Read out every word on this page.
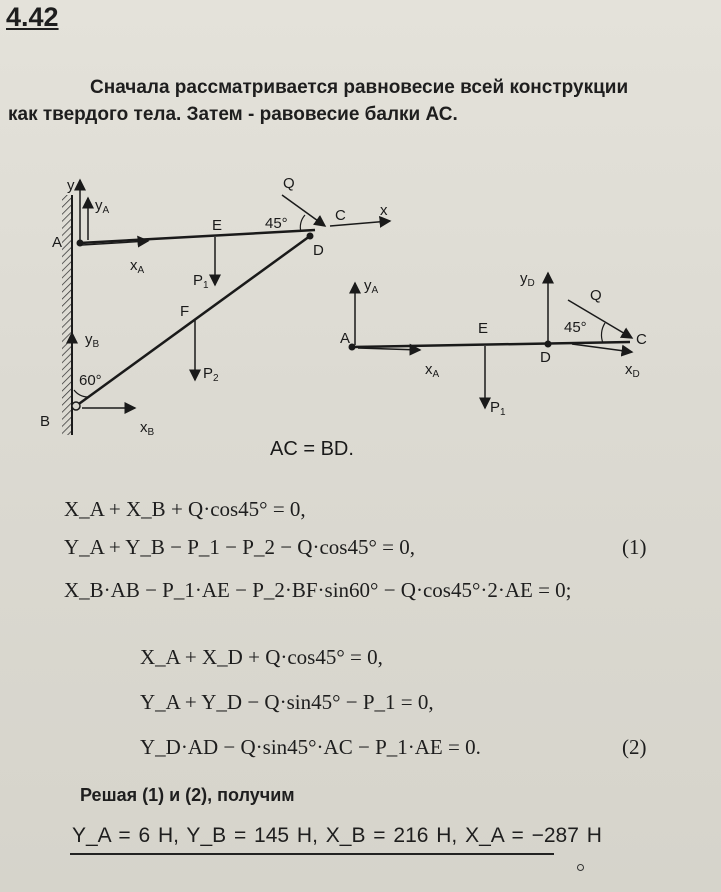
4.42
Сначала рассматривается равновесие всей конструкции
как твердого тела. Затем - равовесие балки АС.
y
$y_A$
A
E	45°
Q
C x
D
$x_A$
$P_1$
F
$y_B$
60°	$P_2$
B	$x_B$
$y_A$
A
E
$y_D$
Q
45°
D
C
$x_A$	$x_D$
$P_1$
AC = BD.
X_A + X_B + Q·cos45° = 0,
Y_A + Y_B − P_1 − P_2 − Q·cos45° = 0,	(1)
X_B·AB − P_1·AE − P_2·BF·sin60° − Q·cos45°·2·AE = 0;
X_A + X_D + Q·cos45° = 0,
Y_A + Y_D − Q·sin45° − P_1 = 0,
Y_D·AD − Q·sin45°·AC − P_1·AE = 0.	(2)
Решая (1) и (2), получим
Y_A = 6 H, Y_B = 145 H, X_B = 216 H, X_A = −287 H
